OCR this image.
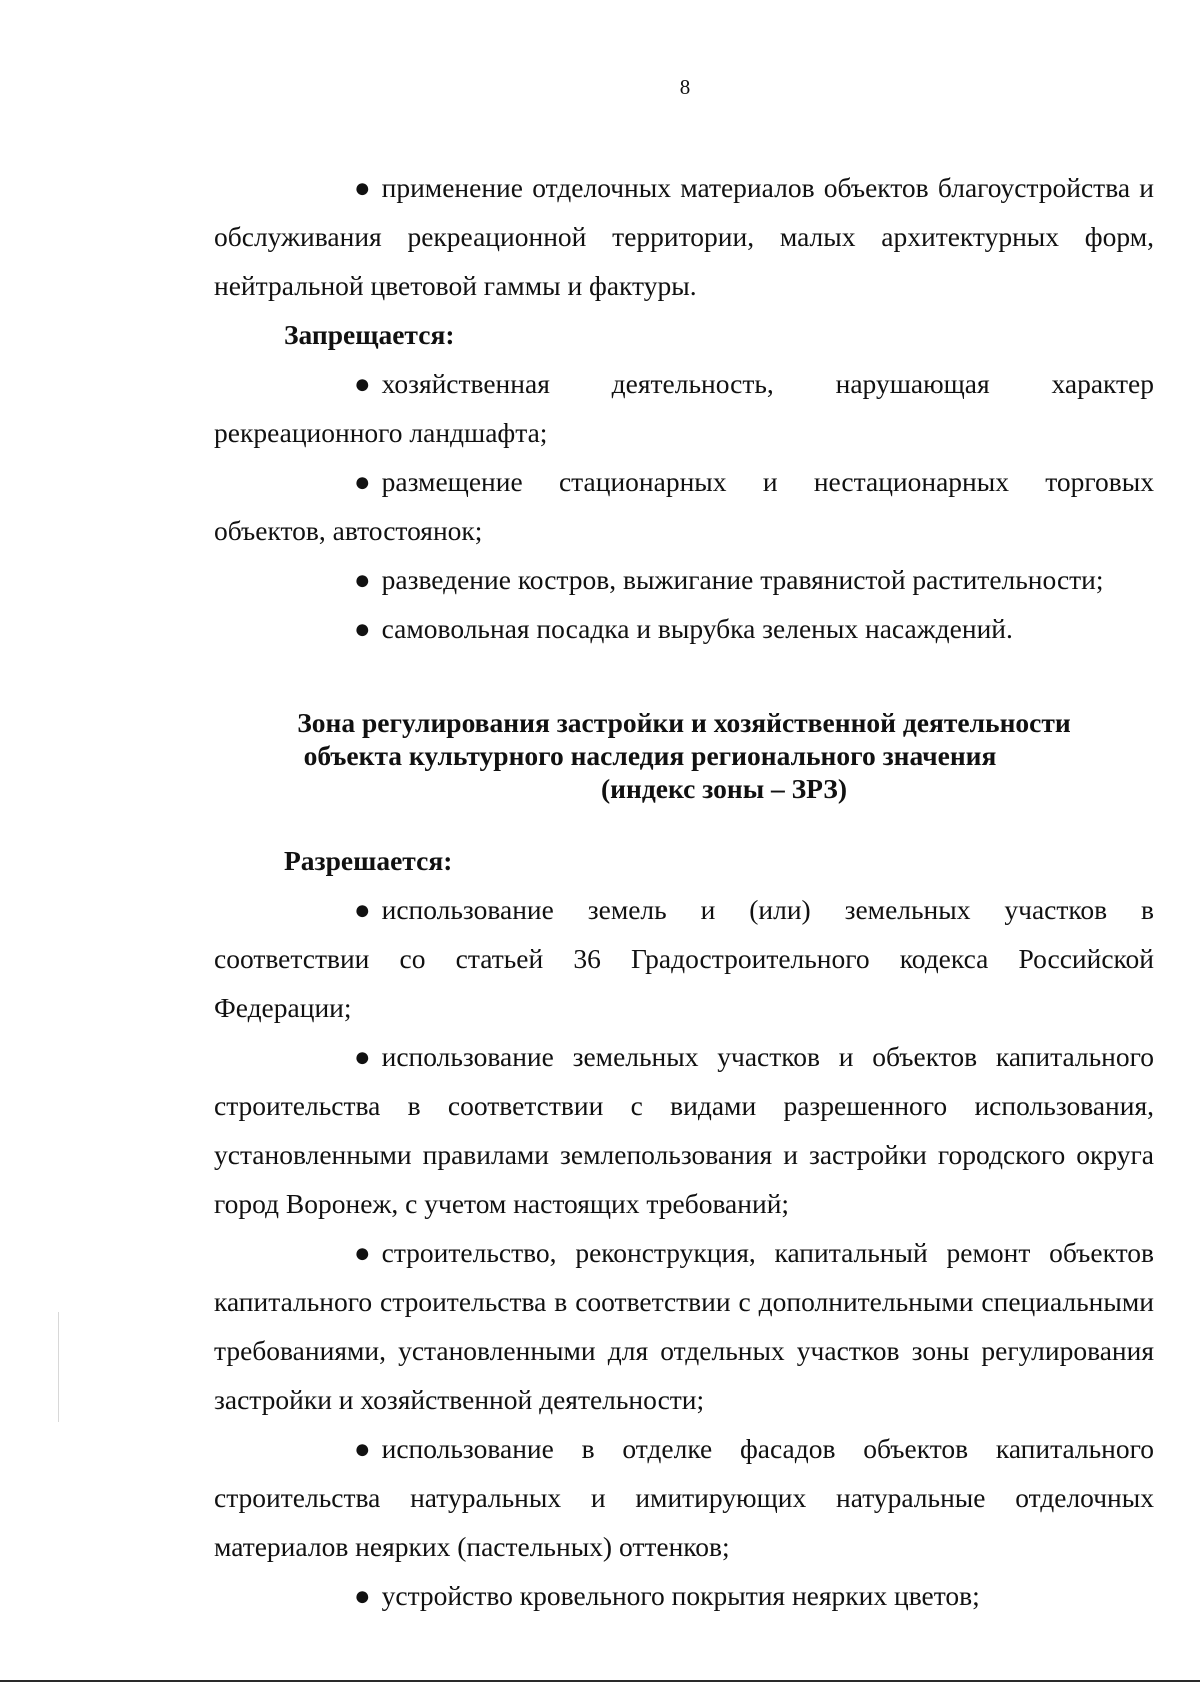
8

● применение отделочных материалов объектов благоустройства и обслуживания рекреационной территории, малых архитектурных форм, нейтральной цветовой гаммы и фактуры.

Запрещается:

● хозяйственная деятельность, нарушающая характер рекреационного ландшафта;

● размещение стационарных и нестационарных торговых объектов, автостоянок;

● разведение костров, выжигание травянистой растительности;

● самовольная посадка и вырубка зеленых насаждений.

Зона регулирования застройки и хозяйственной деятельности
объекта культурного наследия регионального значения
(индекс зоны – ЗРЗ)

Разрешается:

● использование земель и (или) земельных участков в соответствии со статьей 36 Градостроительного кодекса Российской Федерации;

● использование земельных участков и объектов капитального строительства в соответствии с видами разрешенного использования, установленными правилами землепользования и застройки городского округа город Воронеж, с учетом настоящих требований;

● строительство, реконструкция, капитальный ремонт объектов капитального строительства в соответствии с дополнительными специальными требованиями, установленными для отдельных участков зоны регулирования застройки и хозяйственной деятельности;

● использование в отделке фасадов объектов капитального строительства натуральных и имитирующих натуральные отделочных материалов неярких (пастельных) оттенков;

● устройство кровельного покрытия неярких цветов;
